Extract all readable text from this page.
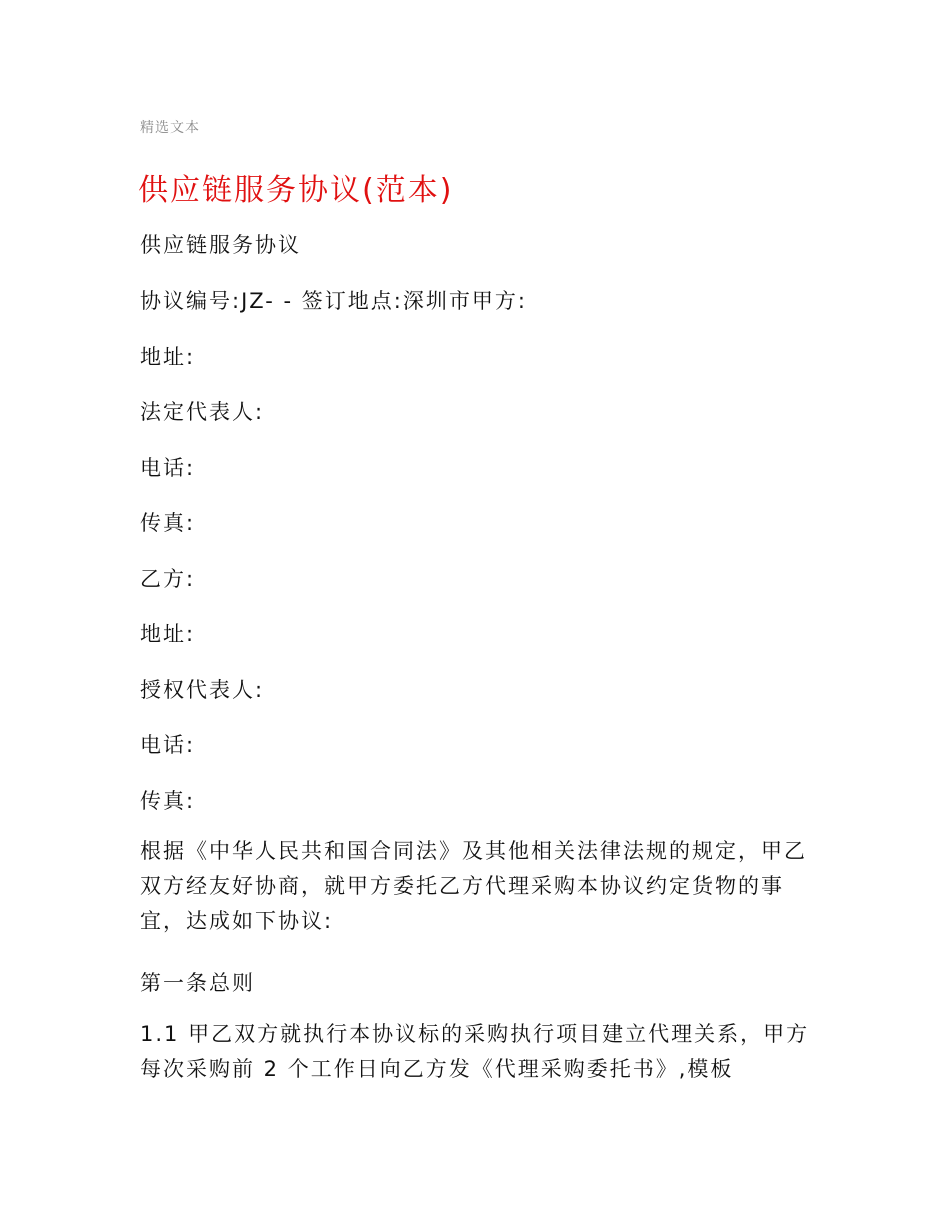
精选文本
供应链服务协议(范本)

供应链服务协议

协议编号:JZ- - 签订地点:深圳市甲方:

地址:

法定代表人:

电话:

传真:

乙方:

地址:

授权代表人:

电话:

传真:

根据《中华人民共和国合同法》及其他相关法律法规的规定，甲乙双方经友好协商，就甲方委托乙方代理采购本协议约定货物的事宜，达成如下协议:

第一条总则

1.1 甲乙双方就执行本协议标的采购执行项目建立代理关系，甲方每次采购前 2 个工作日向乙方发《代理采购委托书》,模板
